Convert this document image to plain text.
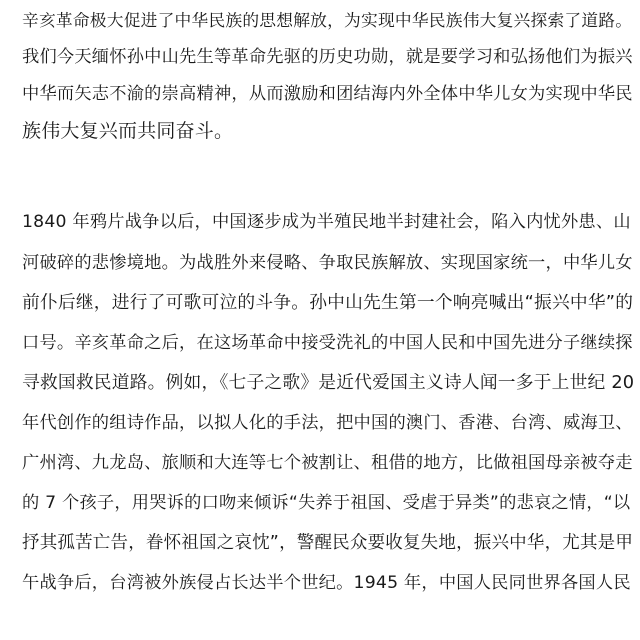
辛亥革命极大促进了中华民族的思想解放，为实现中华民族伟大复兴探索了道路。
我们今天缅怀孙中山先生等革命先驱的历史功勋，就是要学习和弘扬他们为振兴
中华而矢志不渝的崇高精神，从而激励和团结海内外全体中华儿女为实现中华民
族伟大复兴而共同奋斗。
1840 年鸦片战争以后，中国逐步成为半殖民地半封建社会，陷入内忧外患、山
河破碎的悲惨境地。为战胜外来侵略、争取民族解放、实现国家统一，中华儿女
前仆后继，进行了可歌可泣的斗争。孙中山先生第一个响亮喊出“振兴中华”的
口号。辛亥革命之后，在这场革命中接受洗礼的中国人民和中国先进分子继续探
寻救国救民道路。例如，《七子之歌》是近代爱国主义诗人闻一多于上世纪 20
年代创作的组诗作品，以拟人化的手法，把中国的澳门、香港、台湾、威海卫、
广州湾、九龙岛、旅顺和大连等七个被割让、租借的地方，比做祖国母亲被夺走
的 7 个孩子，用哭诉的口吻来倾诉“失养于祖国、受虐于异类”的悲哀之情，“以
抒其孤苦亡告，眷怀祖国之哀忱”，警醒民众要收复失地，振兴中华，尤其是甲
午战争后，台湾被外族侵占长达半个世纪。1945 年，中国人民同世界各国人民
